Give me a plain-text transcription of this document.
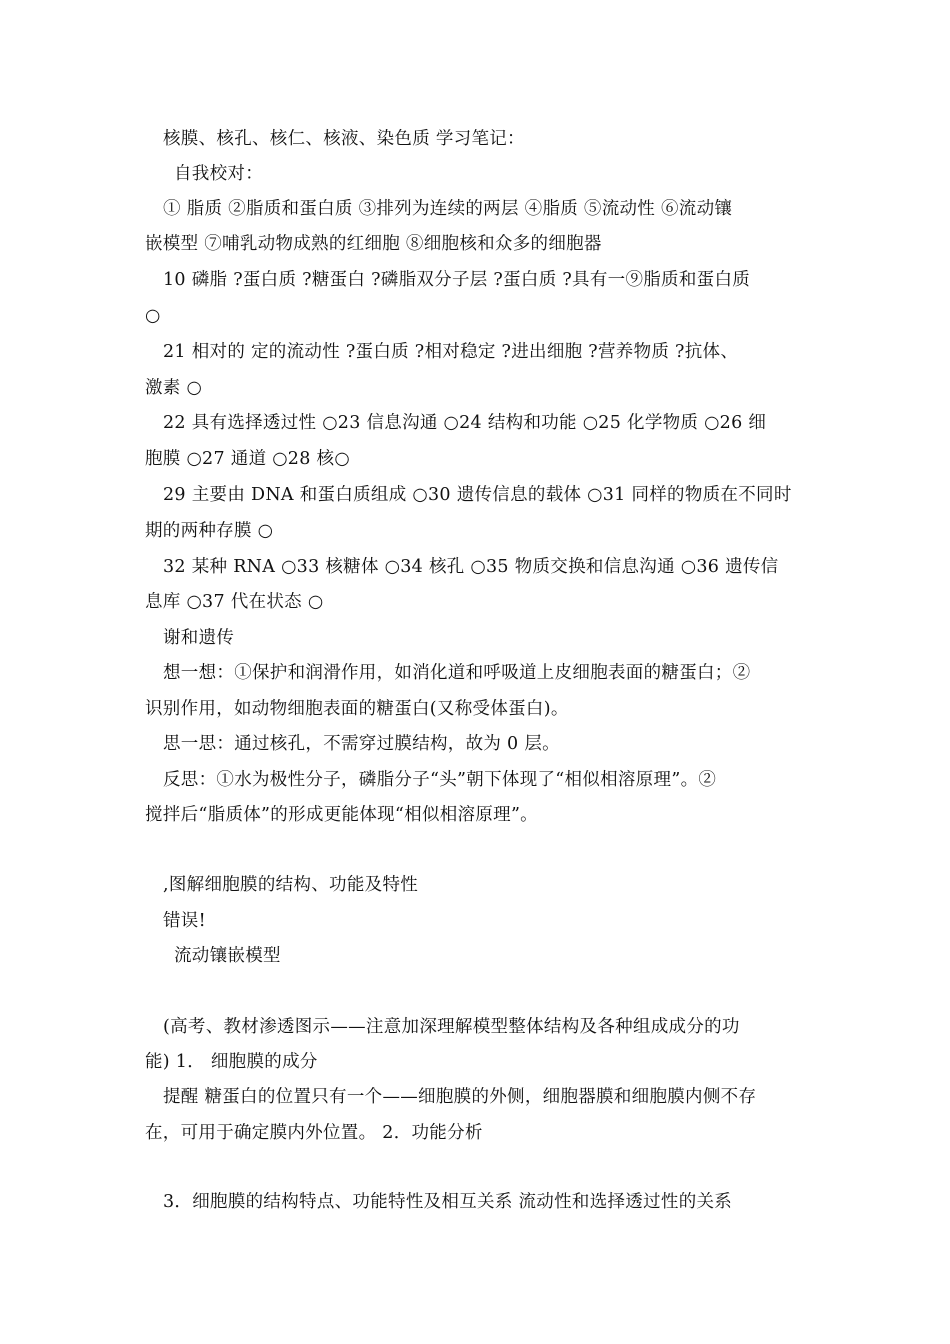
核膜、核孔、核仁、核液、染色质 学习笔记：
自我校对：
① 脂质 ②脂质和蛋白质 ③排列为连续的两层 ④脂质 ⑤流动性 ⑥流动镶
嵌模型 ⑦哺乳动物成熟的红细胞 ⑧细胞核和众多的细胞器
10 磷脂 ?蛋白质 ?糖蛋白 ?磷脂双分子层 ?蛋白质 ?具有一⑨脂质和蛋白质
○
21 相对的 定的流动性 ?蛋白质 ?相对稳定 ?进出细胞 ?营养物质 ?抗体、
激素 ○
22 具有选择透过性 ○23 信息沟通 ○24 结构和功能 ○25 化学物质 ○26 细
胞膜 ○27 通道 ○28 核○
29 主要由 DNA 和蛋白质组成 ○30 遗传信息的载体 ○31 同样的物质在不同时
期的两种存膜 ○
32 某种 RNA ○33 核糖体 ○34 核孔 ○35 物质交换和信息沟通 ○36 遗传信
息库 ○37 代在状态 ○
谢和遗传
想一想：①保护和润滑作用，如消化道和呼吸道上皮细胞表面的糖蛋白；②
识别作用，如动物细胞表面的糖蛋白(又称受体蛋白)。
思一思：通过核孔，不需穿过膜结构，故为 0 层。
反思：①水为极性分子，磷脂分子“头”朝下体现了“相似相溶原理”。②
搅拌后“脂质体”的形成更能体现“相似相溶原理”。
,图解细胞膜的结构、功能及特性
错误!
流动镶嵌模型
(高考、教材渗透图示——注意加深理解模型整体结构及各种组成成分的功
能) 1． 细胞膜的成分
提醒 糖蛋白的位置只有一个——细胞膜的外侧，细胞器膜和细胞膜内侧不存
在，可用于确定膜内外位置。 2．功能分析
3．细胞膜的结构特点、功能特性及相互关系 流动性和选择透过性的关系
